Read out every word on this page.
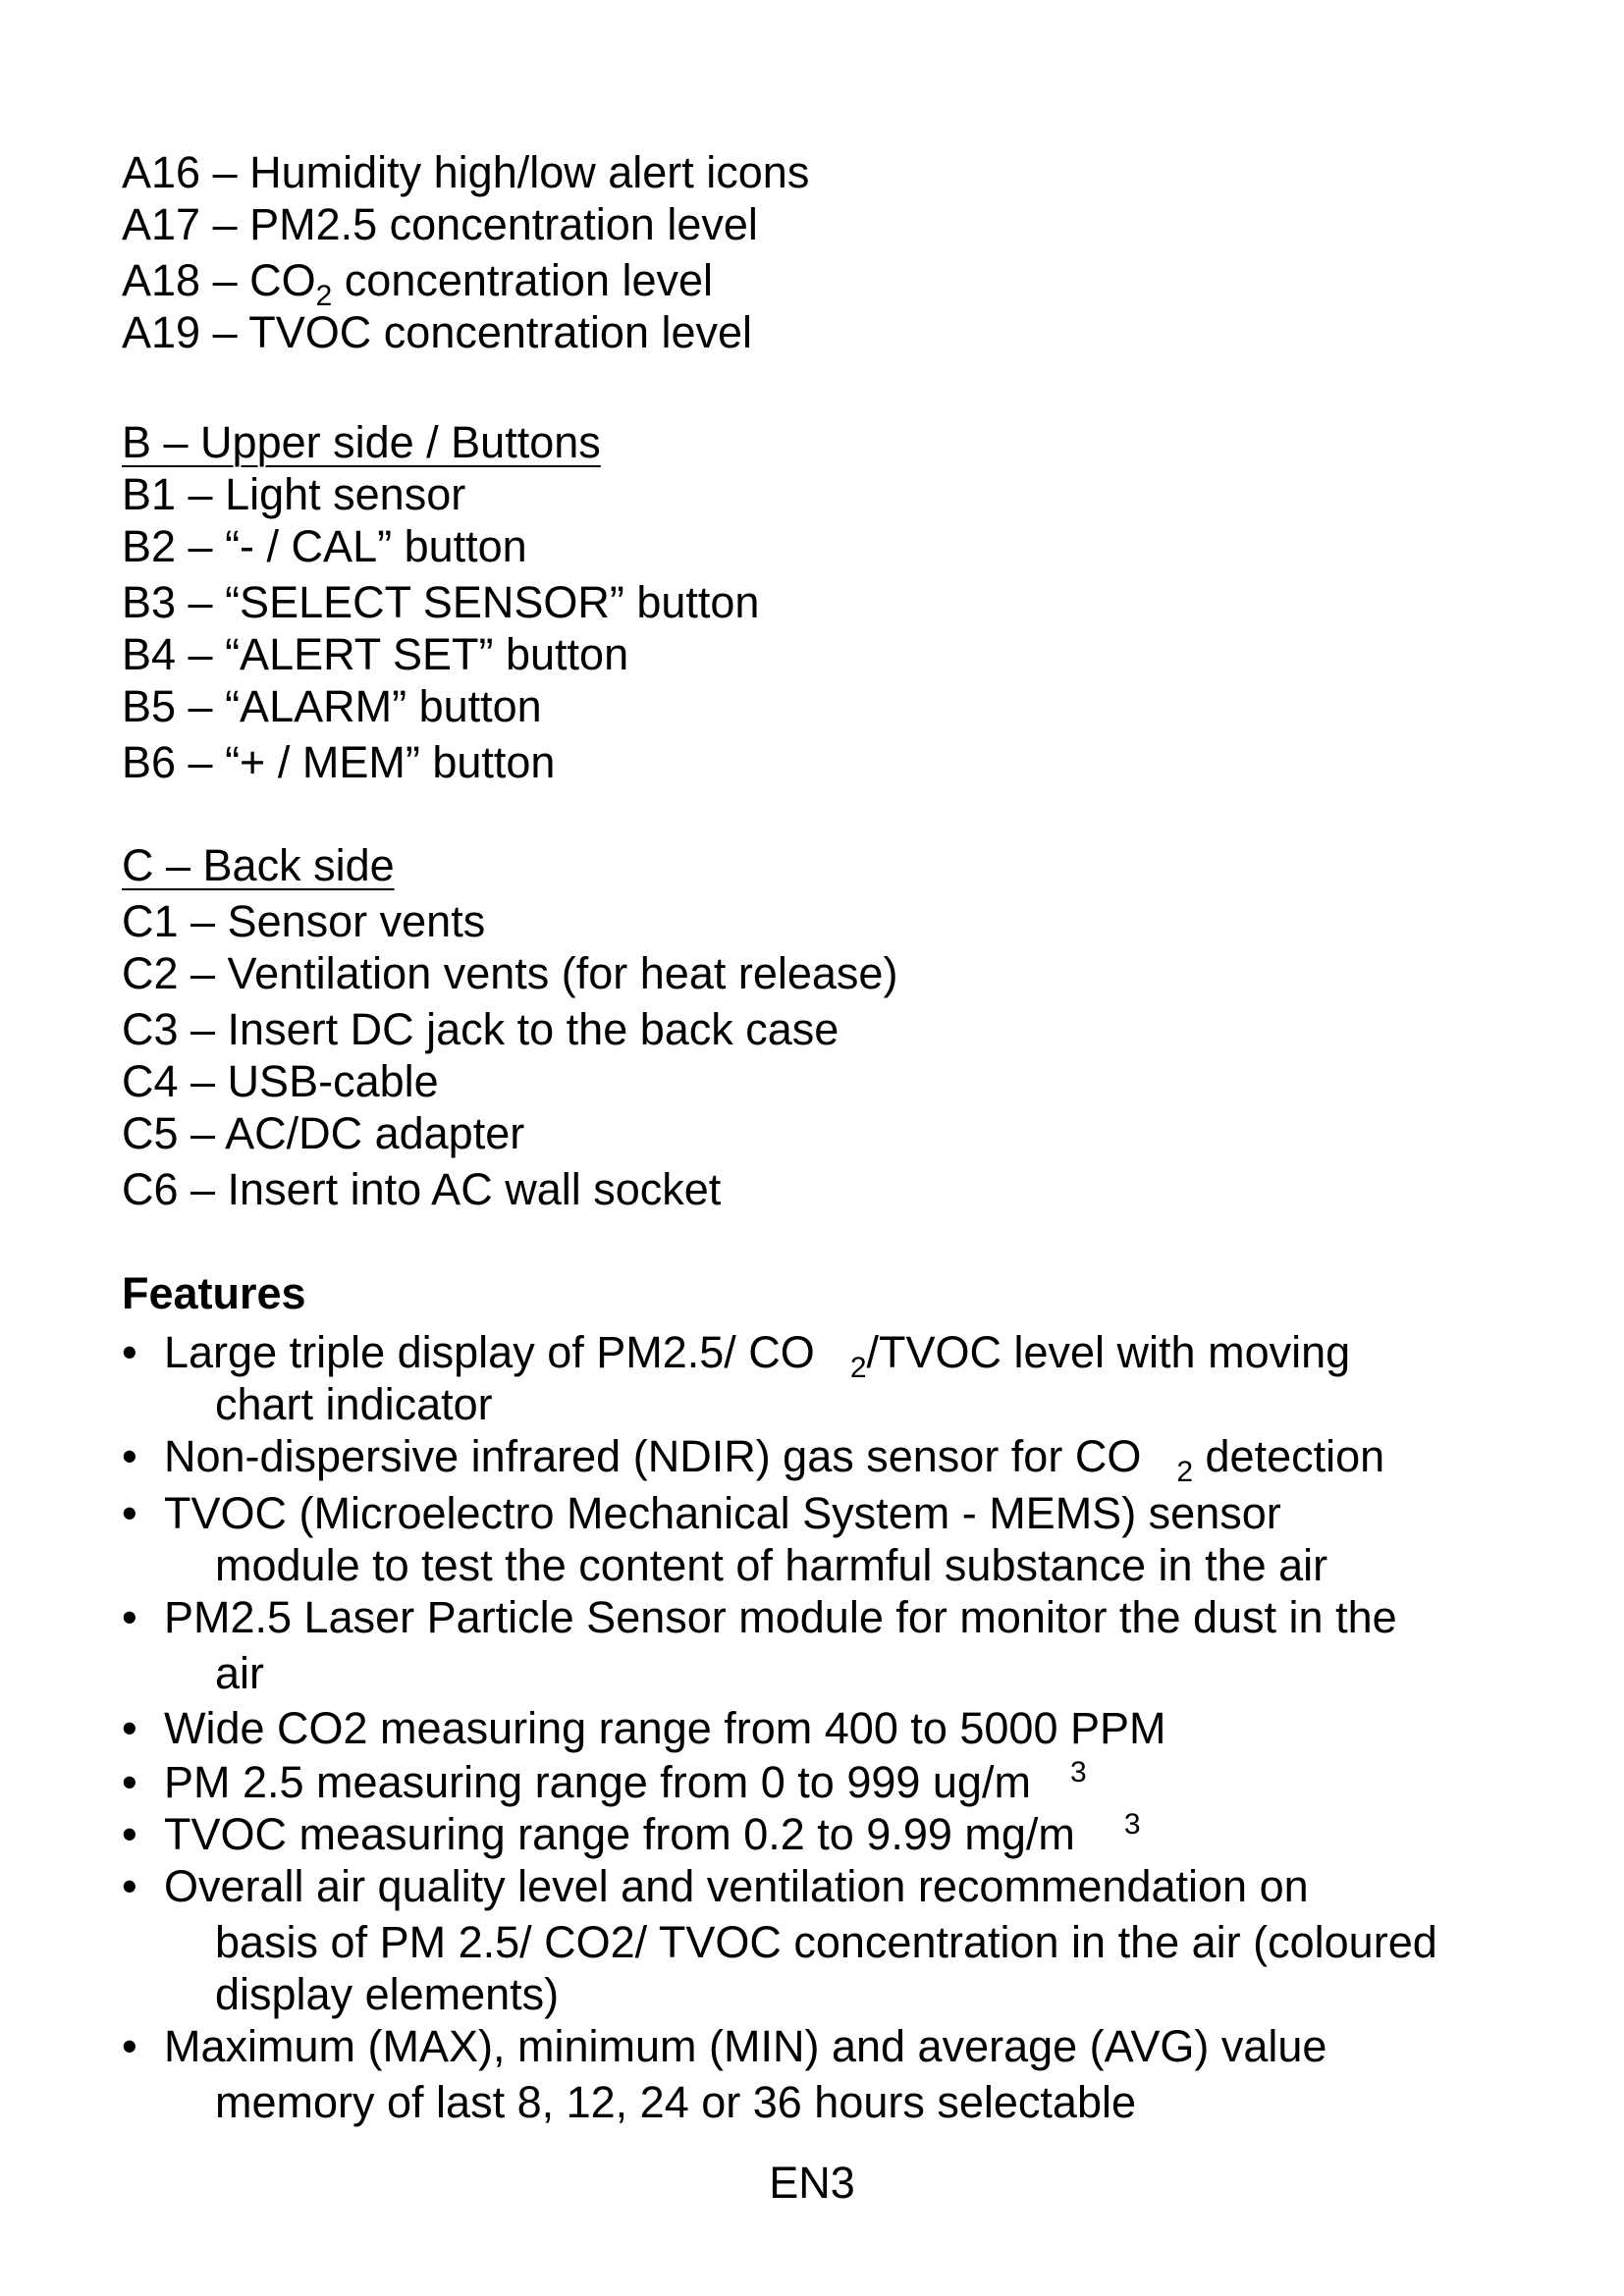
A16 – Humidity high/low alert icons
A17 – PM2.5 concentration level
$A18 - CO_2$ concentration level
A19 – TVOC concentration level
B – Upper side / Buttons
B1 – Light sensor
B2 – “- / CAL” button
B3 – “SELECT SENSOR” button
B4 – “ALERT SET” button
B5 – “ALARM” button
B6 – “+ / MEM” button
C – Back side
C1 – Sensor vents
C2 – Ventilation vents (for heat release)
C3 – Insert DC jack to the back case
C4 – USB-cable
C5 – AC/DC adapter
C6 – Insert into AC wall socket
Features
• Large triple display of PM2.5/ CO $_2$/TVOC level with moving
chart indicator
• Non-dispersive infrared (NDIR) gas sensor for CO $_2$ detection
• TVOC (Microelectro Mechanical System - MEMS) sensor
module to test the content of harmful substance in the air
• PM2.5 Laser Particle Sensor module for monitor the dust in the
air
• Wide CO2 measuring range from 400 to 5000 PPM
• PM 2.5 measuring range from 0 to 999 ug/m $^3$
• TVOC measuring range from 0.2 to 9.99 mg/m $^3$
• Overall air quality level and ventilation recommendation on
basis of PM 2.5/ CO2/ TVOC concentration in the air (coloured
display elements)
• Maximum (MAX), minimum (MIN) and average (AVG) value
memory of last 8, 12, 24 or 36 hours selectable
EN3
